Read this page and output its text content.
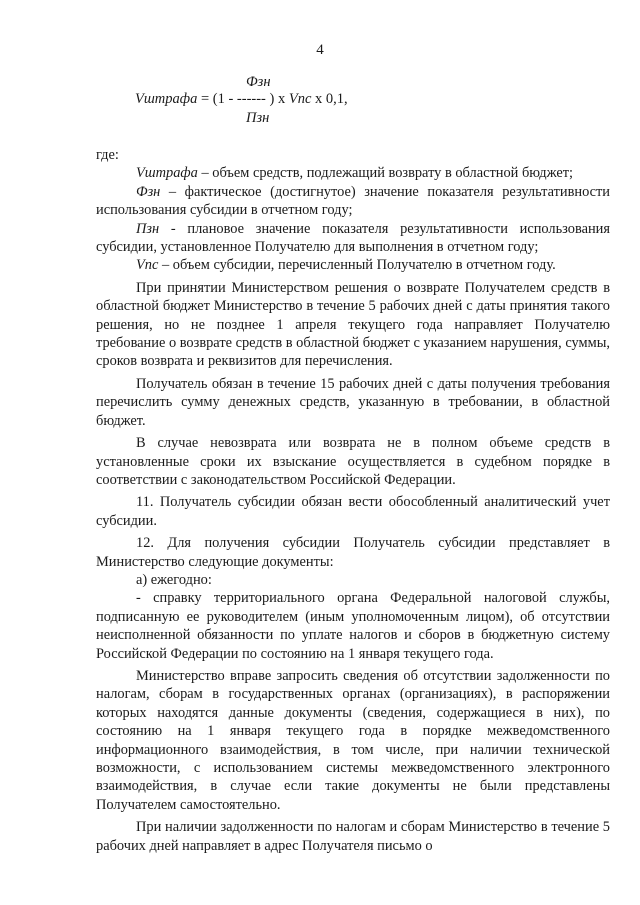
4
Фзн
Vштрафа = (1 - ------ ) х Vпс х 0,1,
Пзн

где:

Vштрафа – объем средств, подлежащий возврату в областной бюджет;

Фзн – фактическое (достигнутое) значение показателя результативности использования субсидии в отчетном году;

Пзн - плановое значение показателя результативности использования субсидии, установленное Получателю для выполнения в отчетном году;

Vпс – объем субсидии, перечисленный Получателю в отчетном году.

При принятии Министерством решения о возврате Получателем средств в областной бюджет Министерство в течение 5 рабочих дней с даты принятия такого решения, но не позднее 1 апреля текущего года направляет Получателю требование о возврате средств в областной бюджет с указанием нарушения, суммы, сроков возврата и реквизитов для перечисления.

Получатель обязан в течение 15 рабочих дней с даты получения требования перечислить сумму денежных средств, указанную в требовании, в областной бюджет.

В случае невозврата или возврата не в полном объеме средств в установленные сроки их взыскание осуществляется в судебном порядке в соответствии с законодательством Российской Федерации.

11. Получатель субсидии обязан вести обособленный аналитический учет субсидии.

12. Для получения субсидии Получатель субсидии представляет в Министерство следующие документы:

а) ежегодно:

- справку территориального органа Федеральной налоговой службы, подписанную ее руководителем (иным уполномоченным лицом), об отсутствии неисполненной обязанности по уплате налогов и сборов в бюджетную систему Российской Федерации по состоянию на 1 января текущего года.

Министерство вправе запросить сведения об отсутствии задолженности по налогам, сборам в государственных органах (организациях), в распоряжении которых находятся данные документы (сведения, содержащиеся в них), по состоянию на 1 января текущего года в порядке межведомственного информационного взаимодействия, в том числе, при наличии технической возможности, с использованием системы межведомственного электронного взаимодействия, в случае если такие документы не были представлены Получателем самостоятельно.

При наличии задолженности по налогам и сборам Министерство в течение 5 рабочих дней направляет в адрес Получателя письмо о
